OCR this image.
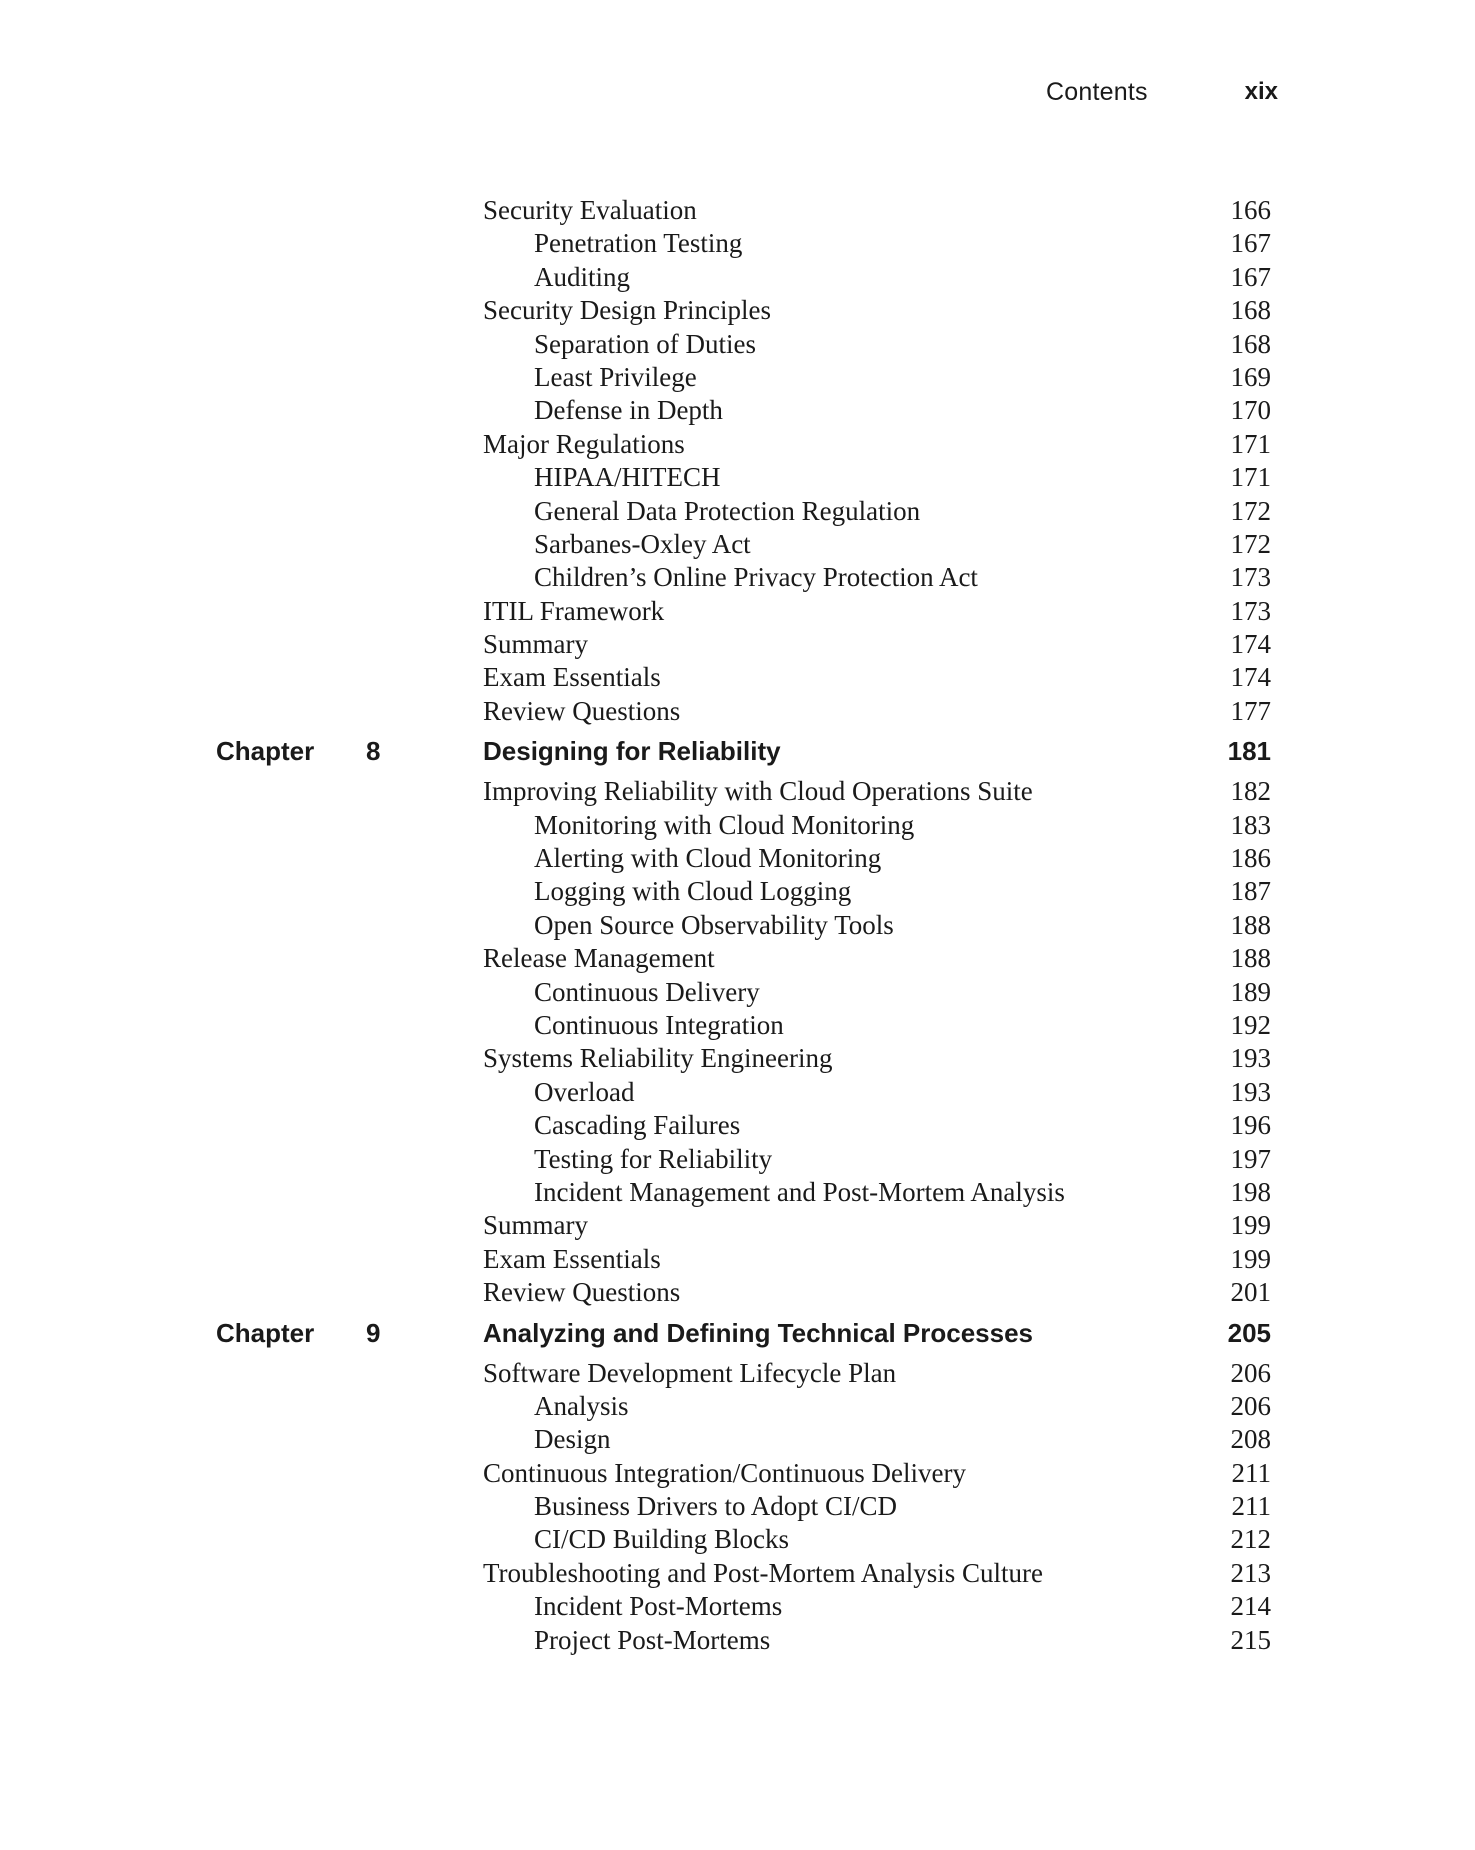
Contents	xix
Security Evaluation	166
Penetration Testing	167
Auditing	167
Security Design Principles	168
Separation of Duties	168
Least Privilege	169
Defense in Depth	170
Major Regulations	171
HIPAA/HITECH	171
General Data Protection Regulation	172
Sarbanes-Oxley Act	172
Children’s Online Privacy Protection Act	173
ITIL Framework	173
Summary	174
Exam Essentials	174
Review Questions	177
Chapter 8	Designing for Reliability	181
Improving Reliability with Cloud Operations Suite	182
Monitoring with Cloud Monitoring	183
Alerting with Cloud Monitoring	186
Logging with Cloud Logging	187
Open Source Observability Tools	188
Release Management	188
Continuous Delivery	189
Continuous Integration	192
Systems Reliability Engineering	193
Overload	193
Cascading Failures	196
Testing for Reliability	197
Incident Management and Post-Mortem Analysis	198
Summary	199
Exam Essentials	199
Review Questions	201
Chapter 9	Analyzing and Defining Technical Processes	205
Software Development Lifecycle Plan	206
Analysis	206
Design	208
Continuous Integration/Continuous Delivery	211
Business Drivers to Adopt CI/CD	211
CI/CD Building Blocks	212
Troubleshooting and Post-Mortem Analysis Culture	213
Incident Post-Mortems	214
Project Post-Mortems	215
